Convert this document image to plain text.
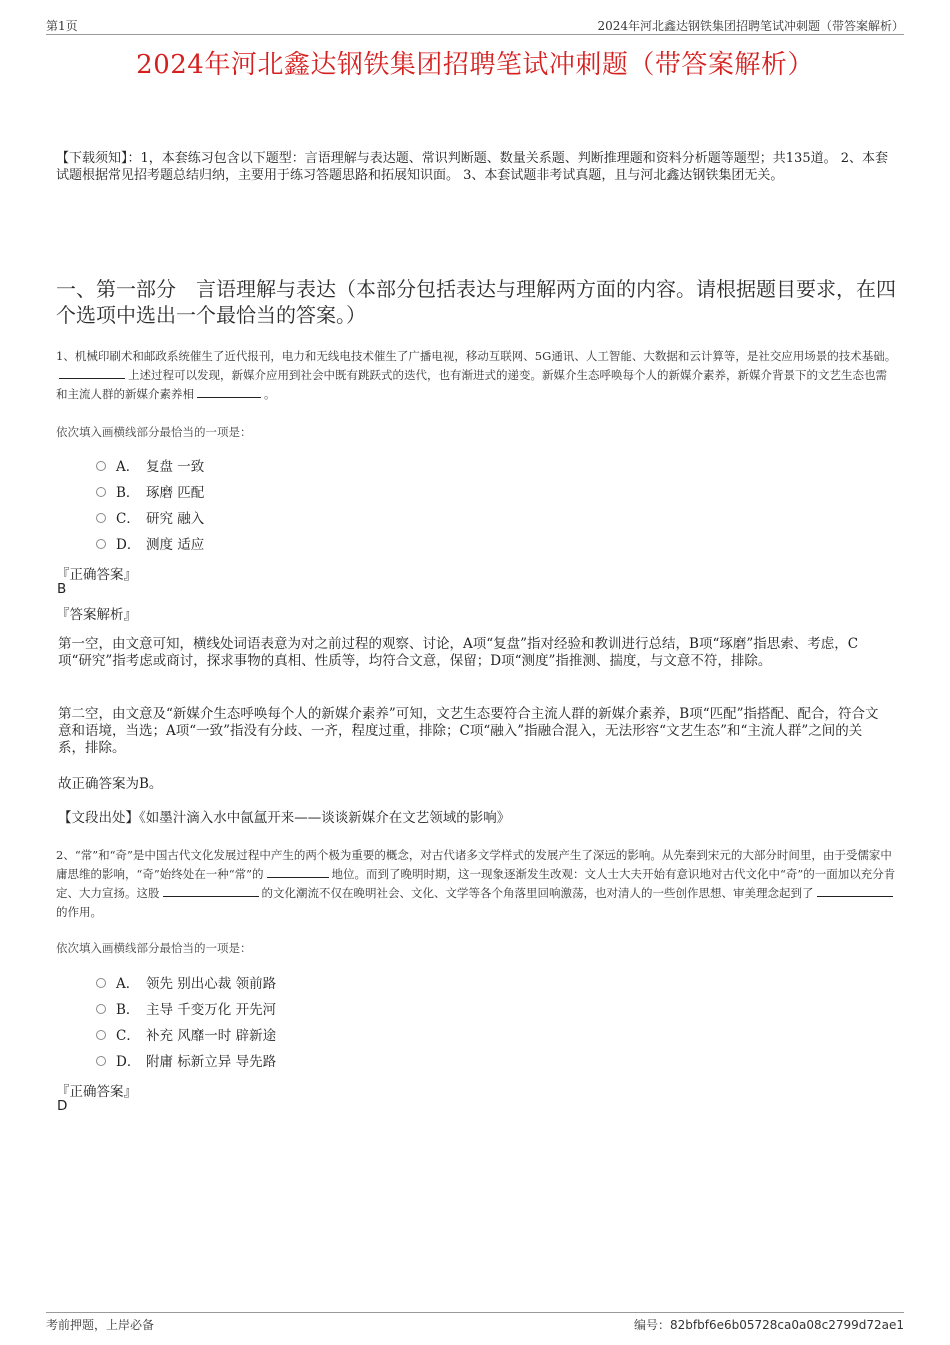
第1页	2024年河北鑫达钢铁集团招聘笔试冲刺题（带答案解析）
2024年河北鑫达钢铁集团招聘笔试冲刺题（带答案解析）
【下载须知】：1，本套练习包含以下题型：言语理解与表达题、常识判断题、数量关系题、判断推理题和资料分析题等题型；共135道。 2、本套试题根据常见招考题总结归纳，主要用于练习答题思路和拓展知识面。 3、本套试题非考试真题，且与河北鑫达钢铁集团无关。
一、第一部分 言语理解与表达（本部分包括表达与理解两方面的内容。请根据题目要求，在四个选项中选出一个最恰当的答案。）
1、机械印刷术和邮政系统催生了近代报刊，电力和无线电技术催生了广播电视，移动互联网、5G通讯、人工智能、大数据和云计算等，是社交应用场景的技术基础。上述过程可以发现，新媒介应用到社会中既有跳跃式的迭代，也有渐进式的递变。新媒介生态呼唤每个人的新媒介素养，新媒介背景下的文艺生态也需和主流人群的新媒介素养相	。
依次填入画横线部分最恰当的一项是：
A． 复盘 一致
B． 琢磨 匹配
C． 研究 融入
D． 测度 适应
『正确答案』
B
『答案解析』
第一空，由文意可知，横线处词语表意为对之前过程的观察、讨论，A项“复盘”指对经验和教训进行总结，B项“琢磨”指思索、考虑，C项“研究”指考虑或商讨，探求事物的真相、性质等，均符合文意，保留；D项“测度”指推测、揣度，与文意不符，排除。
第二空，由文意及“新媒介生态呼唤每个人的新媒介素养”可知，文艺生态要符合主流人群的新媒介素养，B项“匹配”指搭配、配合，符合文意和语境，当选；A项“一致”指没有分歧、一齐，程度过重，排除；C项“融入”指融合混入，无法形容“文艺生态”和“主流人群”之间的关系，排除。
故正确答案为B。
【文段出处】《如墨汁滴入水中氤氲开来——谈谈新媒介在文艺领域的影响》
2、“常”和“奇”是中国古代文化发展过程中产生的两个极为重要的概念，对古代诸多文学样式的发展产生了深远的影响。从先秦到宋元的大部分时间里，由于受儒家中庸思维的影响，“奇”始终处在一种“常”的	地位。而到了晚明时期，这一现象逐渐发生改观：文人士大夫开始有意识地对古代文化中“奇”的一面加以充分肯定、大力宣扬。这股	的文化潮流不仅在晚明社会、文化、文学等各个角落里回响激荡，也对清人的一些创作思想、审美理念起到了的作用。
依次填入画横线部分最恰当的一项是：
A． 领先 别出心裁 领前路
B． 主导 千变万化 开先河
C． 补充 风靡一时 辟新途
D． 附庸 标新立异 导先路
『正确答案』
D
考前押题，上岸必备	编号：82bfbf6e6b05728ca0a08c2799d72ae1
